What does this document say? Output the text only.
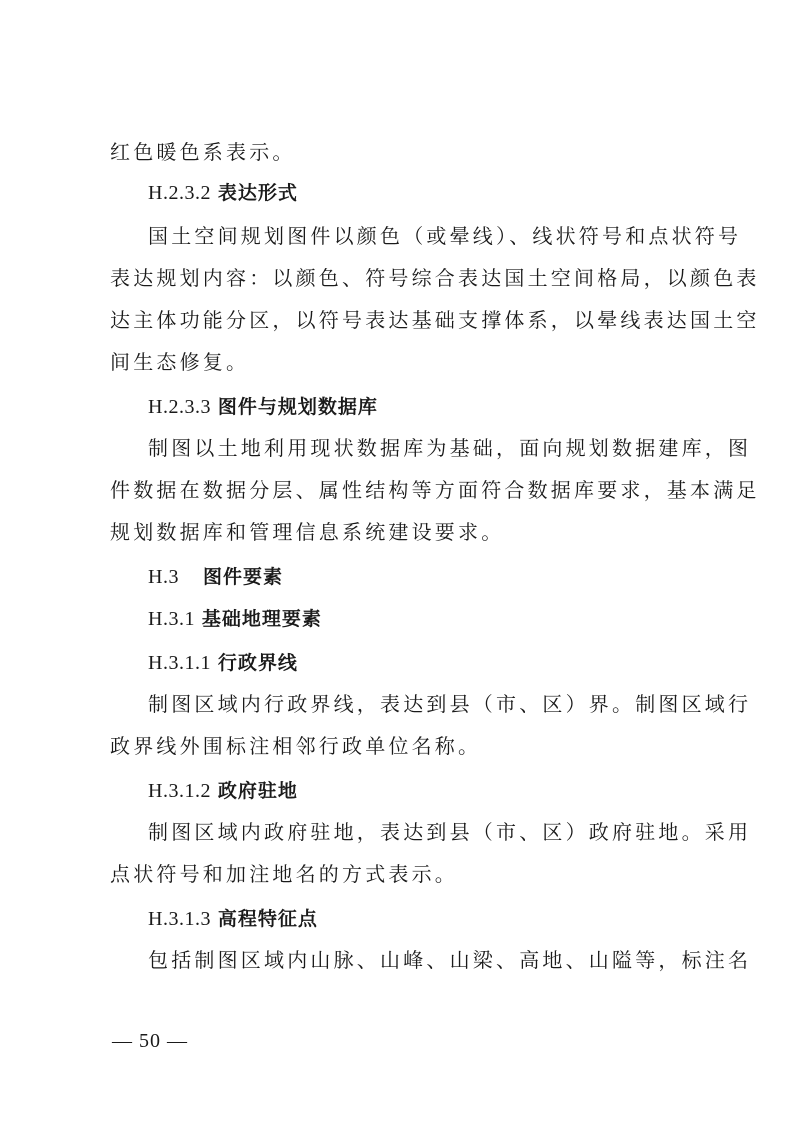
红色暖色系表示。
H.2.3.2 表达形式
国土空间规划图件以颜色（或晕线）、线状符号和点状符号
表达规划内容：以颜色、符号综合表达国土空间格局，以颜色表
达主体功能分区，以符号表达基础支撑体系，以晕线表达国土空
间生态修复。
H.2.3.3 图件与规划数据库
制图以土地利用现状数据库为基础，面向规划数据建库，图
件数据在数据分层、属性结构等方面符合数据库要求，基本满足
规划数据库和管理信息系统建设要求。
H.3 图件要素
H.3.1 基础地理要素
H.3.1.1 行政界线
制图区域内行政界线，表达到县（市、区）界。制图区域行
政界线外围标注相邻行政单位名称。
H.3.1.2 政府驻地
制图区域内政府驻地，表达到县（市、区）政府驻地。采用
点状符号和加注地名的方式表示。
H.3.1.3 高程特征点
包括制图区域内山脉、山峰、山梁、高地、山隘等，标注名
— 50 —
